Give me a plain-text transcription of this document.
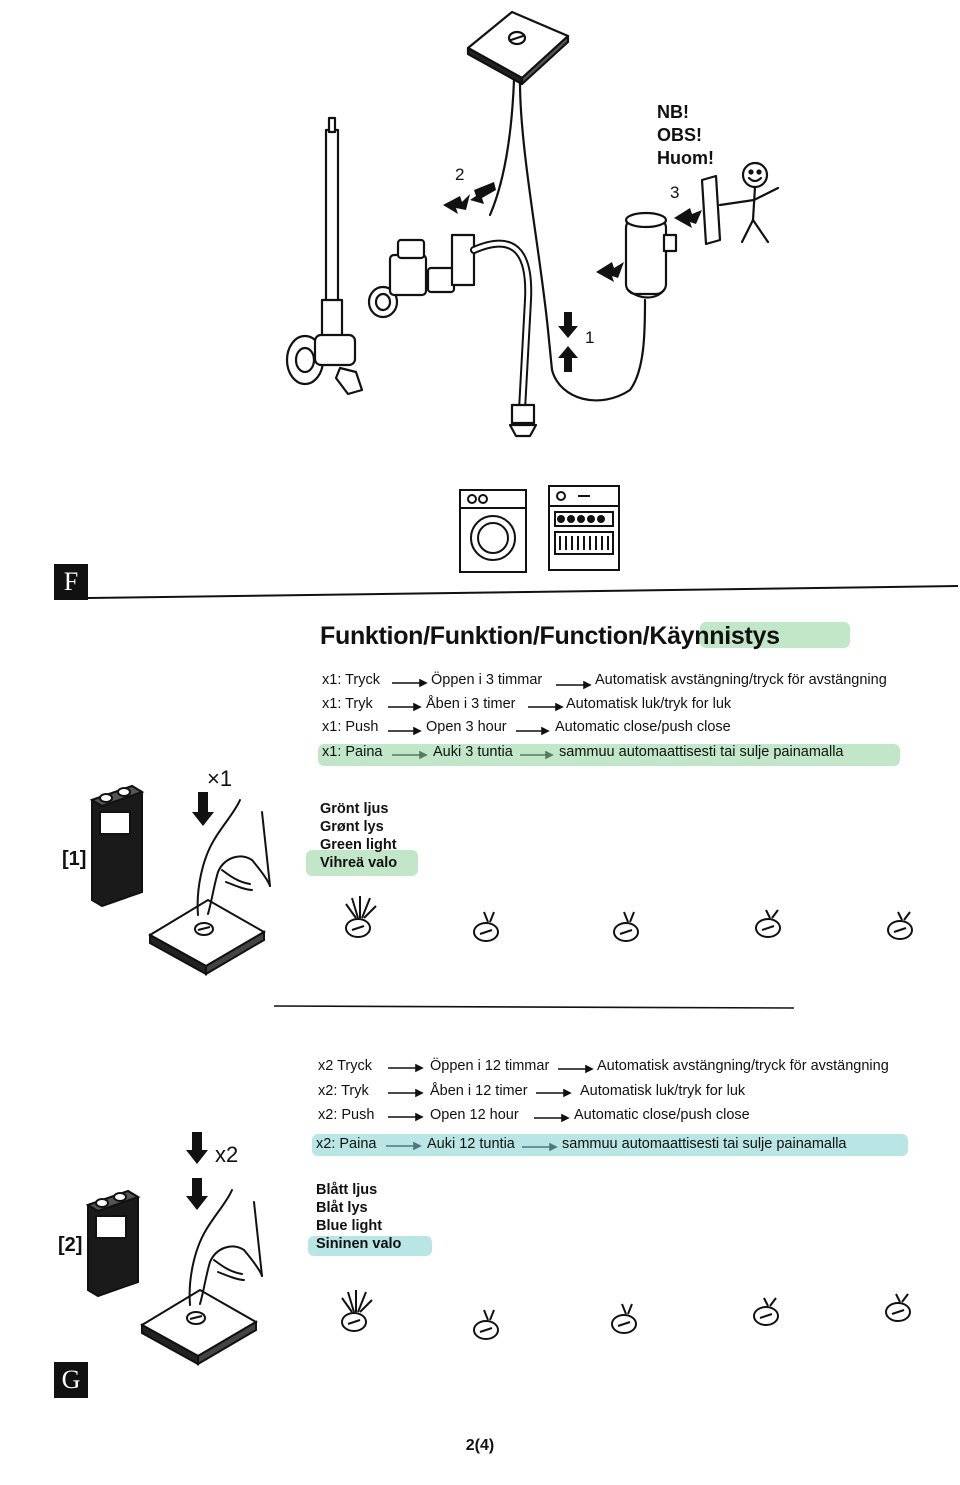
NB!
OBS!
Huom!
2
3
1
F
Funktion/Funktion/Function/Käynnistys
x1: Tryck	Öppen i 3 timmar	Automatisk avstängning/tryck för avstängning
x1: Tryk	Åben i 3 timer	Automatisk luk/tryk for luk
x1: Push	Open 3 hour	Automatic close/push close
x1: Paina	Auki 3 tuntia	sammuu automaattisesti tai sulje painamalla
Grönt ljus
Grønt lys
Green light
Vihreä valo
x2 Tryck	Öppen i 12 timmar	Automatisk avstängning/tryck för avstängning
x2: Tryk	Åben i 12 timer	Automatisk luk/tryk for luk
x2: Push	Open 12 hour	Automatic close/push close
x2: Paina	Auki 12 tuntia	sammuu automaattisesti tai sulje painamalla
Blått ljus
Blåt lys
Blue light
Sininen valo
[1]
×1
[2]
x2
G
2(4)
